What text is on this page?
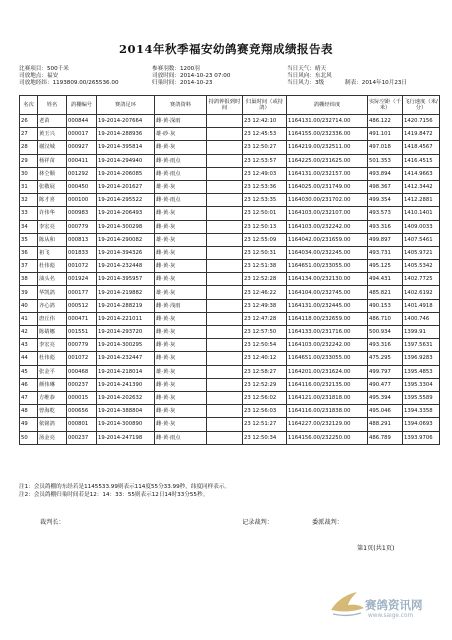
2014年秋季福安幼鸽赛竞翔成绩报告表
比赛项目：500千米
司放地点：福安
司放地经纬：1193809.00/265536.00
参赛羽数：1200羽
司放时间：2014-10-23 07:00
归巢时间：2014-10-23
当日天气：晴天
当日风向：东北风
当日风力：3级	制表：2014年10月23日
名次	姓名	鸽棚编号	赛鸽足环	赛鸽资料	持鸽钟报到时间	归巢时间（或持鸽）	鸽棚经纬度	实际空距（千米）	飞行速度（米/分）
26	老苗	000844	19-2014-207664	雌·黄·深雨		23 12:42:10	1164131.00/232714.00	486.122	1420.7156
27	黄玉兴	000017	19-2014-288936	雄·砂·灰		23 12:45:53	1164155.00/232336.00	491.101	1419.8472
28	谢汉城	000927	19-2014-395814	雌·黄·灰		23 12:50:27	1164219.00/232511.00	497.018	1418.4567
29	杨祥苗	000411	19-2014-294940	雌·黄·雨点		23 12:53:57	1164225.00/231625.00	501.353	1416.4515
30	林仝顺	001292	19-2014-206085	雌·黄·雨点		23 12:49:03	1164131.00/232157.00	493.894	1414.9663
31	张敬展	000450	19-2014-201627	雄·黄·灰		23 12:53:36	1164025.00/231749.00	498.367	1412.3442
32	陈才喜	000100	19-2014-295522	雌·黄·雨点		23 12:53:35	1164030.00/231702.00	499.354	1412.2881
33	许伟华	000983	19-2014-206493	雌·黄·灰		23 12:50:01	1164103.00/232107.00	493.573	1410.1401
34	李宏亮	000779	19-2014-300298	雌·黄·灰		23 12:50:13	1164103.00/232242.00	493.316	1409.0033
35	陈从和	000813	19-2014-290082	雄·黄·灰		23 12:55:09	1164042.00/231659.00	499.897	1407.5461
36	祖飞	001833	19-2014-394326	雌·黄·灰		23 12:50:31	1164034.00/232245.00	493.731	1405.9721
37	杜伟彪	001072	19-2014-232448	雌·黄·灰		23 12:51:38	1164651.00/233055.00	495.125	1405.5342
38	油头名	001924	19-2014-395957	雌·黄·灰		23 12:52:28	1164134.00/232130.00	494.431	1402.7725
39	华凯鸽	000177	19-2014-219882	雄·黄·灰		23 12:46:22	1164104.00/232745.00	485.821	1402.6192
40	齐心鸽	000512	19-2014-288219	雌·黄·浅雨		23 12:49:38	1164131.00/232445.00	490.153	1401.4918
41	唐丘伟	000471	19-2014-221011	雌·黄·灰		23 12:47:28	1164118.00/232659.00	486.710	1400.746
42	陈婧娜	001551	19-2014-293720	雌·黄·灰		23 12:57:50	1164133.00/231716.00	500.934	1399.91
43	李宏亮	000779	19-2014-300295	雌·黄·灰		23 12:50:54	1164103.00/232242.00	493.316	1397.5631
44	杜伟彪	001072	19-2014-232447	雌·黄·灰		23 12:40:12	1164651.00/233055.00	475.295	1396.9283
45	张金平	000468	19-2014-218014	雄·黄·灰		23 12:58:27	1164201.00/231624.00	499.797	1395.4853
46	颜伟琳	000237	19-2014-241390	雌·黄·灰		23 12:52:29	1164116.00/232135.00	490.477	1395.3304
47	方维恭	000015	19-2014-202632	雌·黄·灰		23 12:56:02	1164121.00/231818.00	495.394	1395.5589
48	曾海乾	000656	19-2014-388804	雌·黄·灰		23 12:56:03	1164116.00/231838.00	495.046	1394.3358
49	依铭鸽	000801	19-2014-300890	雌·黄·灰		23 12:51:27	1164227.00/232129.00	488.291	1394.0693
50	汤金亮	000237	19-2014-247198	雌·黄·雨点		23 12:50:34	1164156.00/232250.00	486.789	1393.9706
注1：会员鸽棚的东经若是1145533.99则表示114度55分33.99秒，纬度同样表示。
注2：会员鸽棚归巢时间若是12：14：33：55则表示12日14时33分55秒。
裁判长：	记录裁判：	委派裁判：
第1页(共1页)
赛鸽资讯网
www.saige.com
